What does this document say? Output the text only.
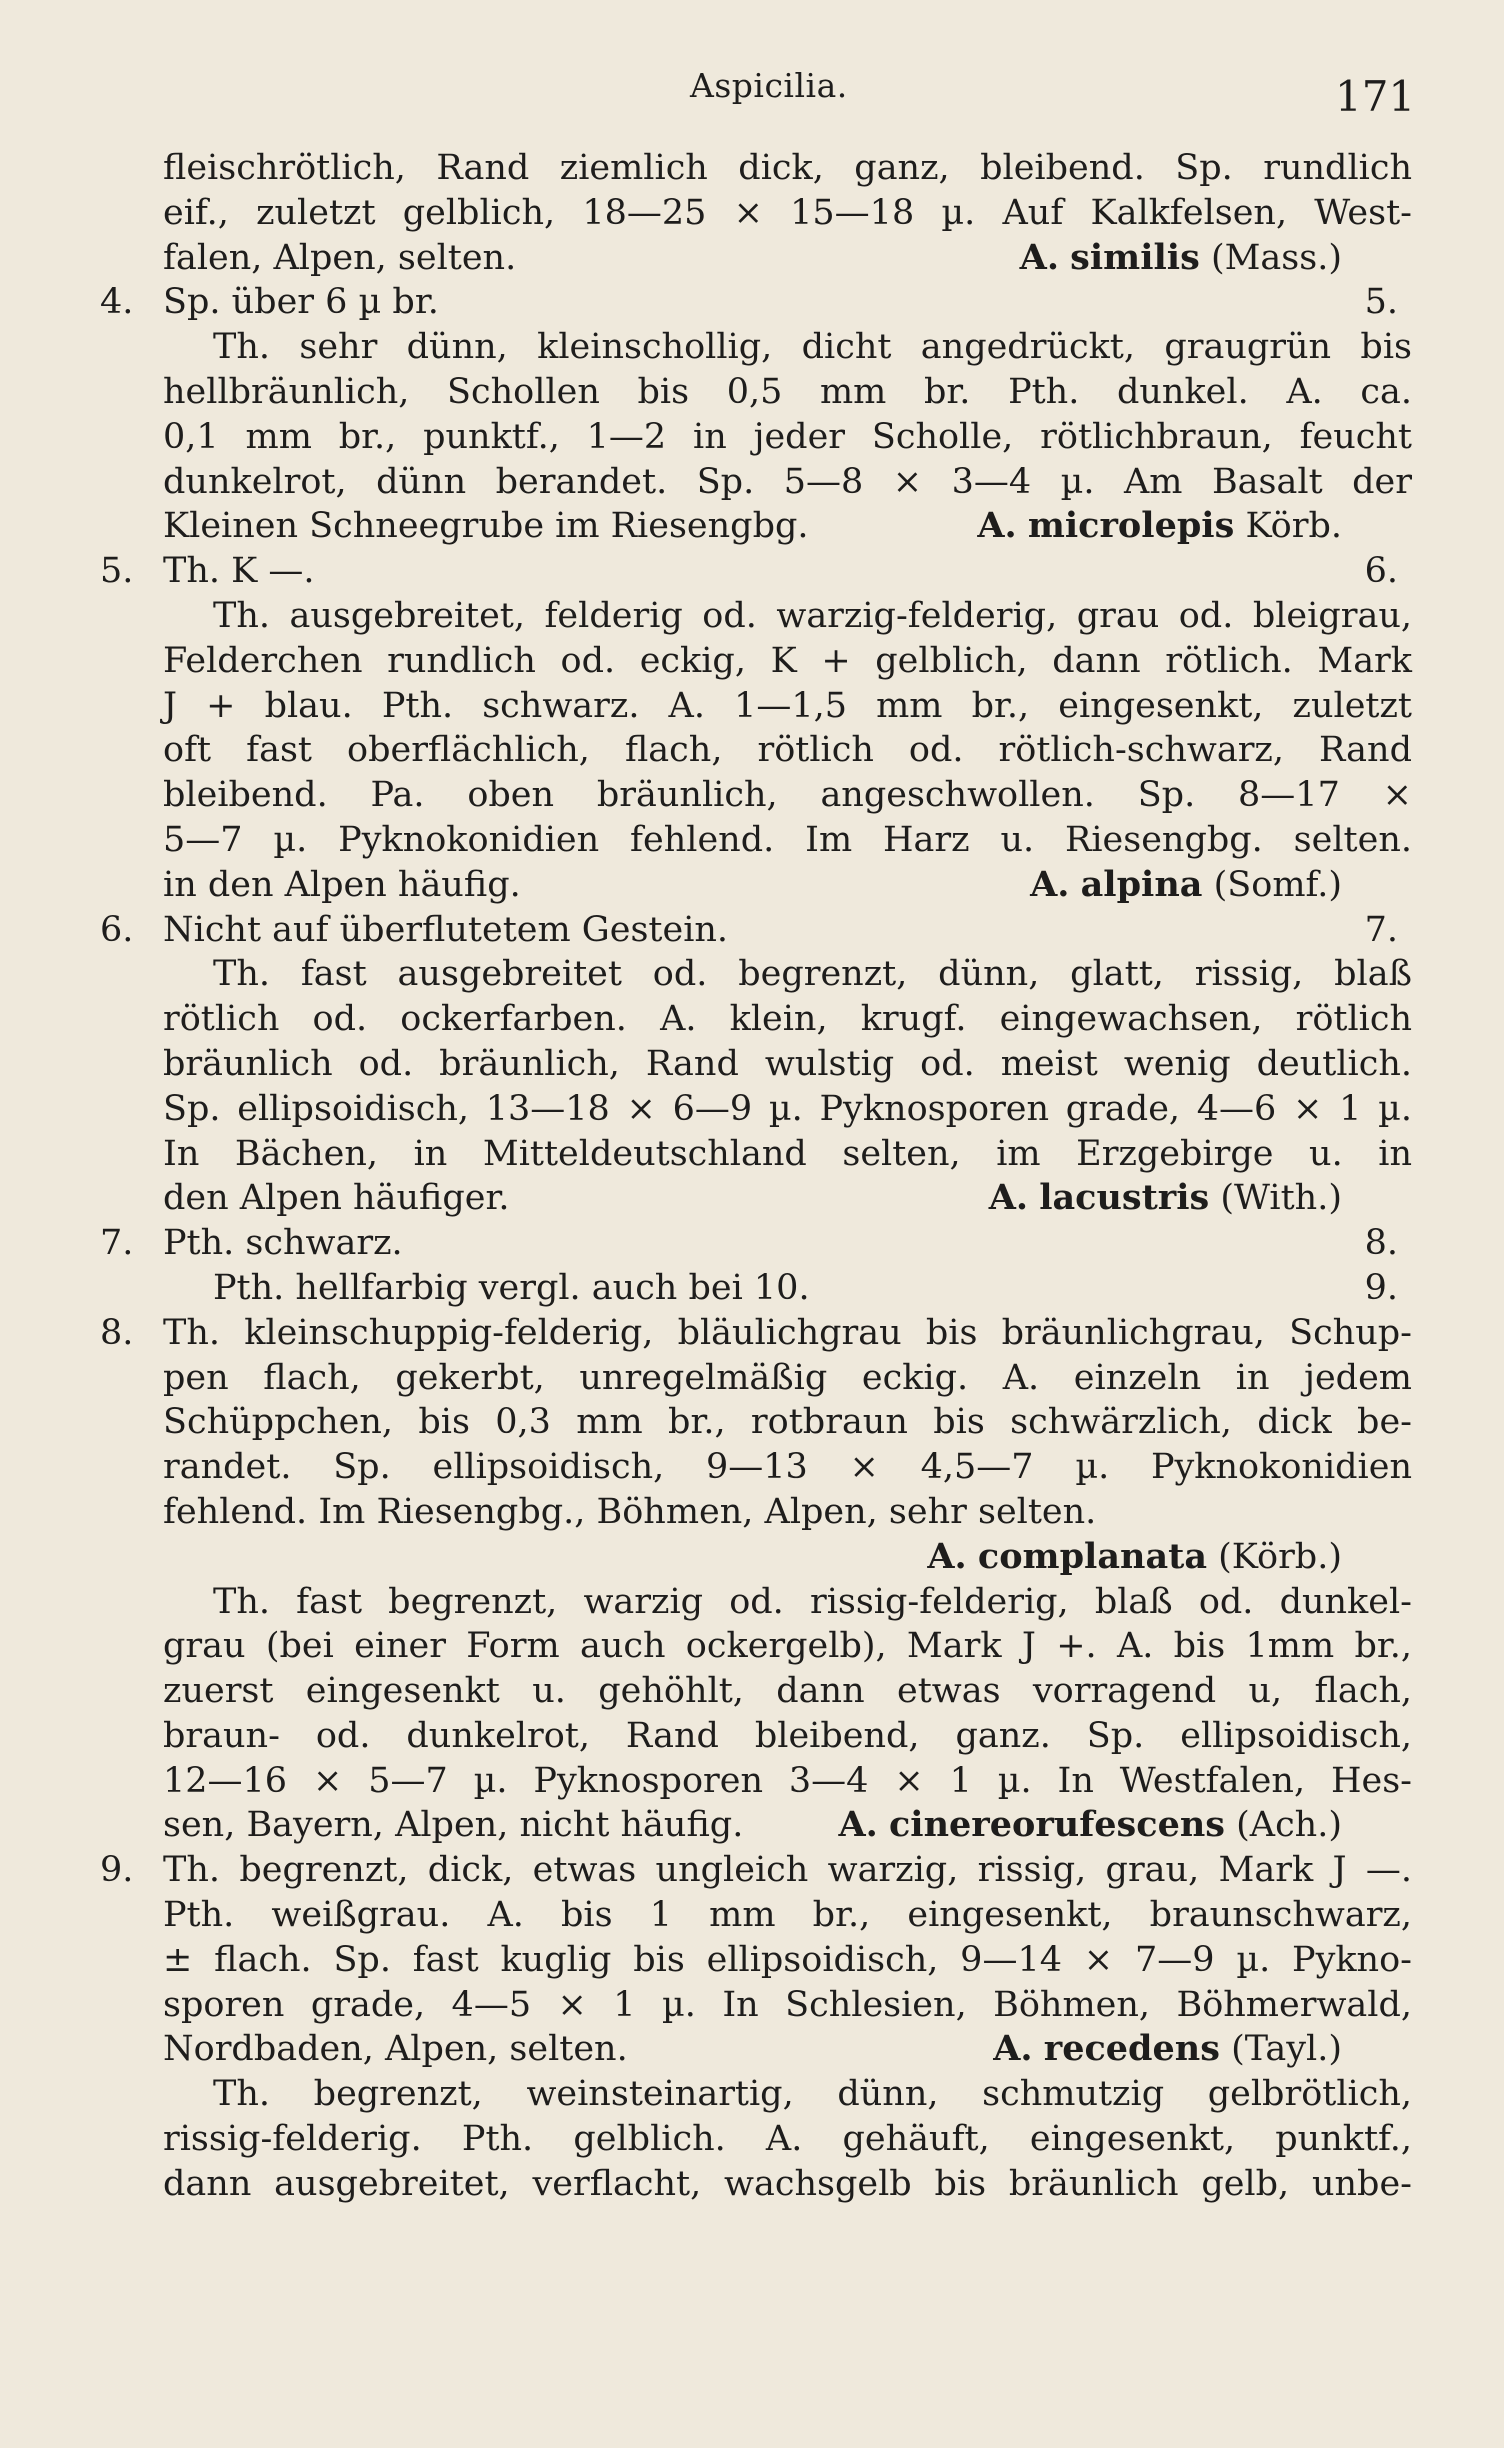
Aspicilia.	171
fleischrötlich, Rand ziemlich dick, ganz, bleibend. Sp. rundlich
eif., zuletzt gelblich, 18—25 × 15—18 µ. Auf Kalkfelsen, West-
falen, Alpen, selten.	A. similis (Mass.)
4. Sp. über 6 µ br.	5.
Th. sehr dünn, kleinschollig, dicht angedrückt, graugrün bis
hellbräunlich, Schollen bis 0,5 mm br. Pth. dunkel. A. ca.
0,1 mm br., punktf., 1—2 in jeder Scholle, rötlichbraun, feucht
dunkelrot, dünn berandet. Sp. 5—8 × 3—4 µ. Am Basalt der
Kleinen Schneegrube im Riesengbg.	A. microlepis Körb.
5. Th. K —.	6.
Th. ausgebreitet, felderig od. warzig-felderig, grau od. bleigrau,
Felderchen rundlich od. eckig, K + gelblich, dann rötlich. Mark
J + blau. Pth. schwarz. A. 1—1,5 mm br., eingesenkt, zuletzt
oft fast oberflächlich, flach, rötlich od. rötlich-schwarz, Rand
bleibend. Pa. oben bräunlich, angeschwollen. Sp. 8—17 ×
5—7 µ. Pyknokonidien fehlend. Im Harz u. Riesengbg. selten.
in den Alpen häufig.	A. alpina (Somf.)
6. Nicht auf überflutetem Gestein.	7.
Th. fast ausgebreitet od. begrenzt, dünn, glatt, rissig, blaß
rötlich od. ockerfarben. A. klein, krugf. eingewachsen, rötlich
bräunlich od. bräunlich, Rand wulstig od. meist wenig deutlich.
Sp. ellipsoidisch, 13—18 × 6—9 µ. Pyknosporen grade, 4—6 × 1 µ.
In Bächen, in Mitteldeutschland selten, im Erzgebirge u. in
den Alpen häufiger.	A. lacustris (With.)
7. Pth. schwarz.	8.
Pth. hellfarbig vergl. auch bei 10.	9.
8. Th. kleinschuppig-felderig, bläulichgrau bis bräunlichgrau, Schup-
pen flach, gekerbt, unregelmäßig eckig. A. einzeln in jedem
Schüppchen, bis 0,3 mm br., rotbraun bis schwärzlich, dick be-
randet. Sp. ellipsoidisch, 9—13 × 4,5—7 µ. Pyknokonidien
fehlend. Im Riesengbg., Böhmen, Alpen, sehr selten.
A. complanata (Körb.)
Th. fast begrenzt, warzig od. rissig-felderig, blaß od. dunkel-
grau (bei einer Form auch ockergelb), Mark J +. A. bis 1mm br.,
zuerst eingesenkt u. gehöhlt, dann etwas vorragend u, flach,
braun- od. dunkelrot, Rand bleibend, ganz. Sp. ellipsoidisch,
12—16 × 5—7 µ. Pyknosporen 3—4 × 1 µ. In Westfalen, Hes-
sen, Bayern, Alpen, nicht häufig.	A. cinereorufescens (Ach.)
9. Th. begrenzt, dick, etwas ungleich warzig, rissig, grau, Mark J —.
Pth. weißgrau. A. bis 1 mm br., eingesenkt, braunschwarz,
± flach. Sp. fast kuglig bis ellipsoidisch, 9—14 × 7—9 µ. Pykno-
sporen grade, 4—5 × 1 µ. In Schlesien, Böhmen, Böhmerwald,
Nordbaden, Alpen, selten.	A. recedens (Tayl.)
Th. begrenzt, weinsteinartig, dünn, schmutzig gelbrötlich,
rissig-felderig. Pth. gelblich. A. gehäuft, eingesenkt, punktf.,
dann ausgebreitet, verflacht, wachsgelb bis bräunlich gelb, unbe-
